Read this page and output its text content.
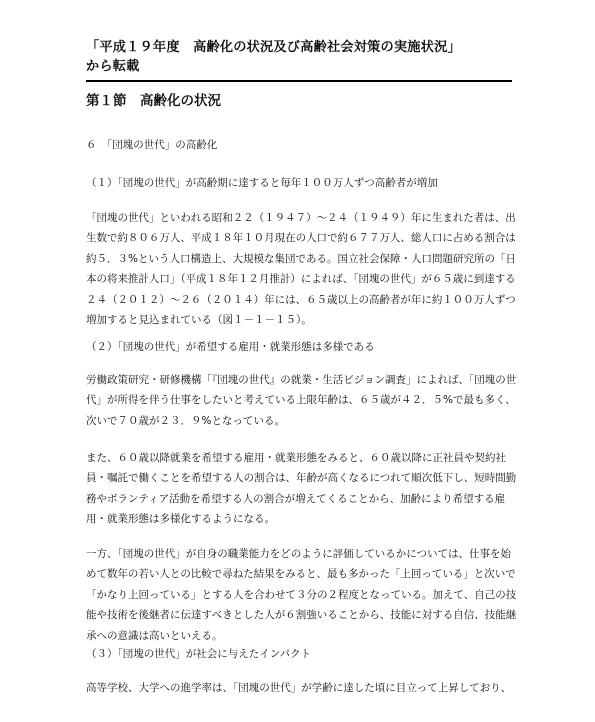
「平成１９年度　高齢化の状況及び高齢社会対策の実施状況」
から転載
第１節　高齢化の状況
６　「団塊の世代」の高齢化
（１）「団塊の世代」が高齢期に達すると毎年１００万人ずつ高齢者が増加
「団塊の世代」といわれる昭和２２（１９４７）～２４（１９４９）年に生まれた者は、出
生数で約８０６万人、平成１８年１０月現在の人口で約６７７万人、総人口に占める割合は
約５．３%という人口構造上、大規模な集団である。国立社会保障・人口問題研究所の「日
本の将来推計人口」（平成１８年１２月推計）によれば、「団塊の世代」が６５歳に到達する
２４（２０１２）～２６（２０１４）年には、６５歳以上の高齢者が年に約１００万人ずつ
増加すると見込まれている（図１－１－１５）。
（２）「団塊の世代」が希望する雇用・就業形態は多様である
労働政策研究・研修機構「『団塊の世代』の就業・生活ビジョン調査」によれば、「団塊の世
代」が所得を伴う仕事をしたいと考えている上限年齢は、６５歳が４２．５%で最も多く、
次いで７０歳が２３．９%となっている。
また、６０歳以降就業を希望する雇用・就業形態をみると、６０歳以降に正社員や契約社
員・嘱託で働くことを希望する人の割合は、年齢が高くなるにつれて順次低下し、短時間勤
務やボランティア活動を希望する人の割合が増えてくることから、加齢により希望する雇
用・就業形態は多様化するようになる。
一方、「団塊の世代」が自身の職業能力をどのように評価しているかについては、仕事を始
めて数年の若い人との比較で尋ねた結果をみると、最も多かった「上回っている」と次いで
「かなり上回っている」とする人を合わせて３分の２程度となっている。加えて、自己の技
能や技術を後継者に伝達すべきとした人が６割強いることから、技能に対する自信、技能継
承への意識は高いといえる。
（３）「団塊の世代」が社会に与えたインパクト
高等学校、大学への進学率は、「団塊の世代」が学齢に達した頃に目立って上昇しており、
